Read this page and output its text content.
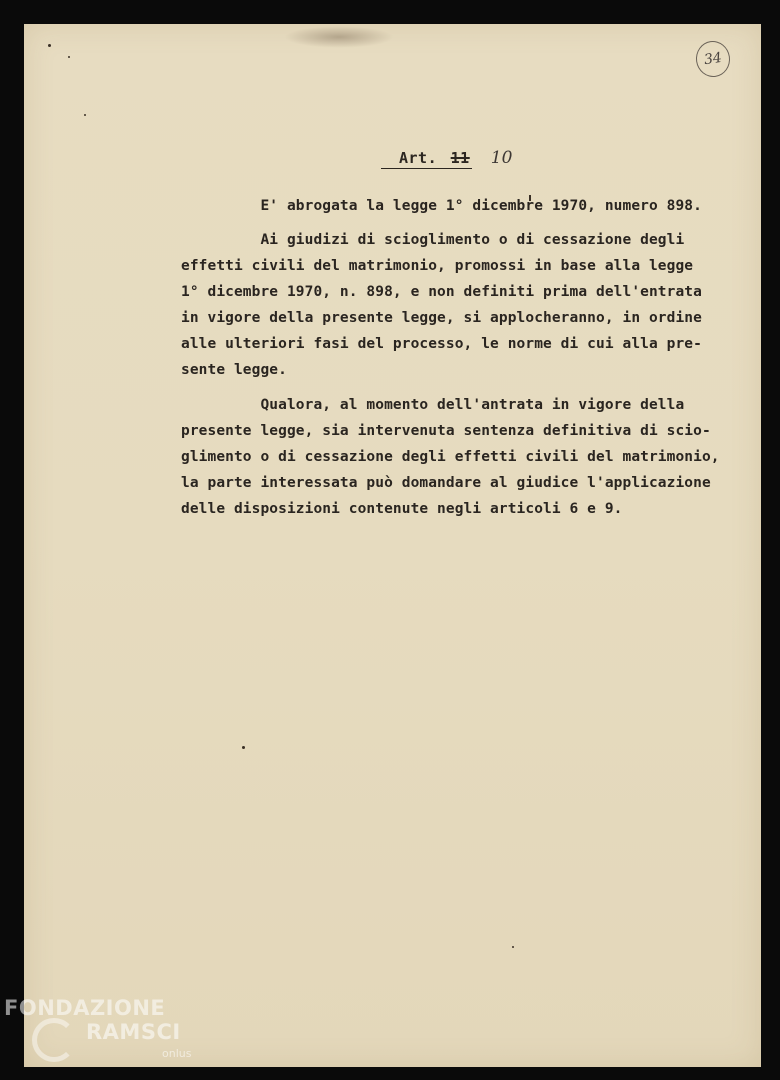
34
Art. 11 10
E' abrogata la legge 1° dicembre 1970, numero 898.
Ai giudizi di scioglimento o di cessazione degli
effetti civili del matrimonio, promossi in base alla legge
1° dicembre 1970, n. 898, e non definiti prima dell'entrata
in vigore della presente legge, si applocheranno, in ordine
alle ulteriori fasi del processo, le norme di cui alla pre-
sente legge.
Qualora, al momento dell'antrata in vigore della
presente legge, sia intervenuta sentenza definitiva di scio-
glimento o di cessazione degli effetti civili del matrimonio,
la parte interessata può domandare al giudice l'applicazione
delle disposizioni contenute negli articoli 6 e 9.
FONDAZIONE
RAMSCI
onlus
